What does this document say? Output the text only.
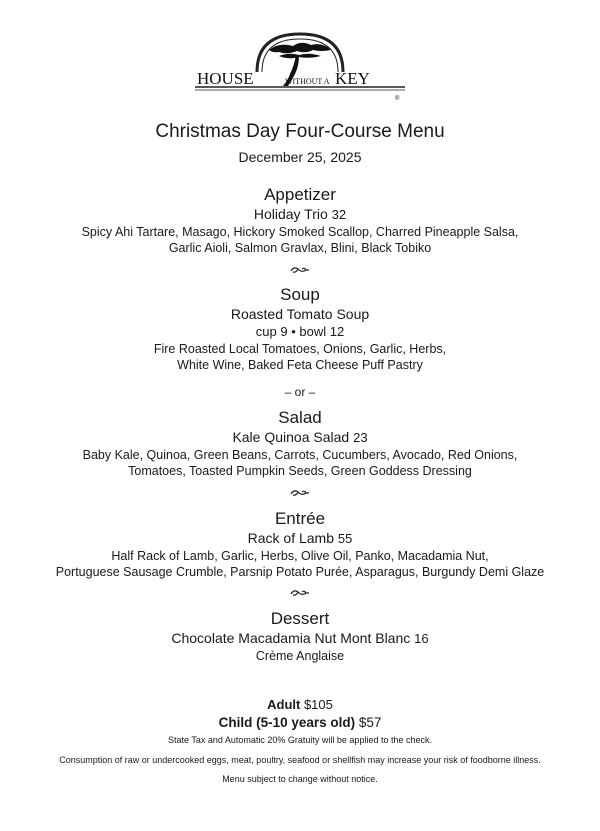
HOUSE	WITHOUT A KEY
®
Christmas Day Four-Course Menu
December 25, 2025
Appetizer
Holiday Trio 32
Spicy Ahi Tartare, Masago, Hickory Smoked Scallop, Charred Pineapple Salsa,
Garlic Aioli, Salmon Gravlax, Blini, Black Tobiko
Soup
Roasted Tomato Soup
cup 9 • bowl 12
Fire Roasted Local Tomatoes, Onions, Garlic, Herbs,
White Wine, Baked Feta Cheese Puff Pastry
– or –
Salad
Kale Quinoa Salad 23
Baby Kale, Quinoa, Green Beans, Carrots, Cucumbers, Avocado, Red Onions,
Tomatoes, Toasted Pumpkin Seeds, Green Goddess Dressing
Entrée
Rack of Lamb 55
Half Rack of Lamb, Garlic, Herbs, Olive Oil, Panko, Macadamia Nut,
Portuguese Sausage Crumble, Parsnip Potato Purée, Asparagus, Burgundy Demi Glaze
Dessert
Chocolate Macadamia Nut Mont Blanc 16
Crème Anglaise
Adult $105
Child (5-10 years old) $57
State Tax and Automatic 20% Gratuity will be applied to the check.
Consumption of raw or undercooked eggs, meat, poultry, seafood or shellfish may increase your risk of foodborne illness.
Menu subject to change without notice.
